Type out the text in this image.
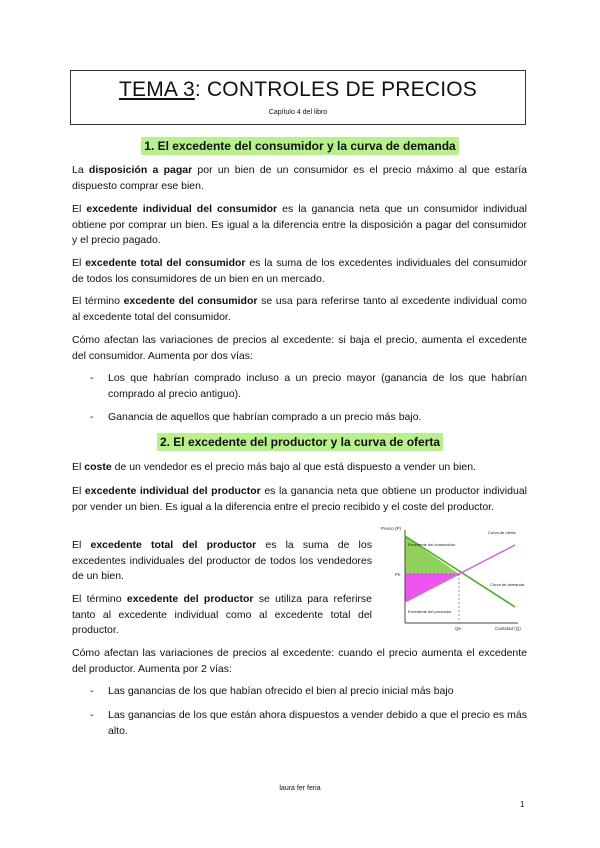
TEMA 3: CONTROLES DE PRECIOS
Capítulo 4 del libro
1. El excedente del consumidor y la curva de demanda

La disposición a pagar por un bien de un consumidor es el precio máximo al que estaría dispuesto comprar ese bien.

El excedente individual del consumidor es la ganancia neta que un consumidor individual obtiene por comprar un bien. Es igual a la diferencia entre la disposición a pagar del consumidor y el precio pagado.

El excedente total del consumidor es la suma de los excedentes individuales del consumidor de todos los consumidores de un bien en un mercado.

El término excedente del consumidor se usa para referirse tanto al excedente individual como al excedente total del consumidor.

Cómo afectan las variaciones de precios al excedente: si baja el precio, aumenta el excedente del consumidor. Aumenta por dos vías:

- Los que habrían comprado incluso a un precio mayor (ganancia de los que habrían comprado al precio antiguo).
- Ganancia de aquellos que habrían comprado a un precio más bajo.
2. El excedente del productor y la curva de oferta

El coste de un vendedor es el precio más bajo al que está dispuesto a vender un bien.

El excedente individual del productor es la ganancia neta que obtiene un productor individual por vender un bien. Es igual a la diferencia entre el precio recibido y el coste del productor.

El excedente total del productor es la suma de los excedentes individuales del productor de todos los vendedores de un bien.

El término excedente del productor se utiliza para referirse tanto al excedente individual como al excedente total del productor.

Precio (P)
Cantidad (Q)
Pe
Qe
Excedente del consumidor
Excedente del productor
Curva de oferta
Curva de demanda

Cómo afectan las variaciones de precios al excedente: cuando el precio aumenta el excedente del productor. Aumenta por 2 vías:

- Las ganancias de los que habían ofrecido el bien al precio inicial más bajo
- Las ganancias de los que están ahora dispuestos a vender debido a que el precio es más alto.
laura fer feria
1
